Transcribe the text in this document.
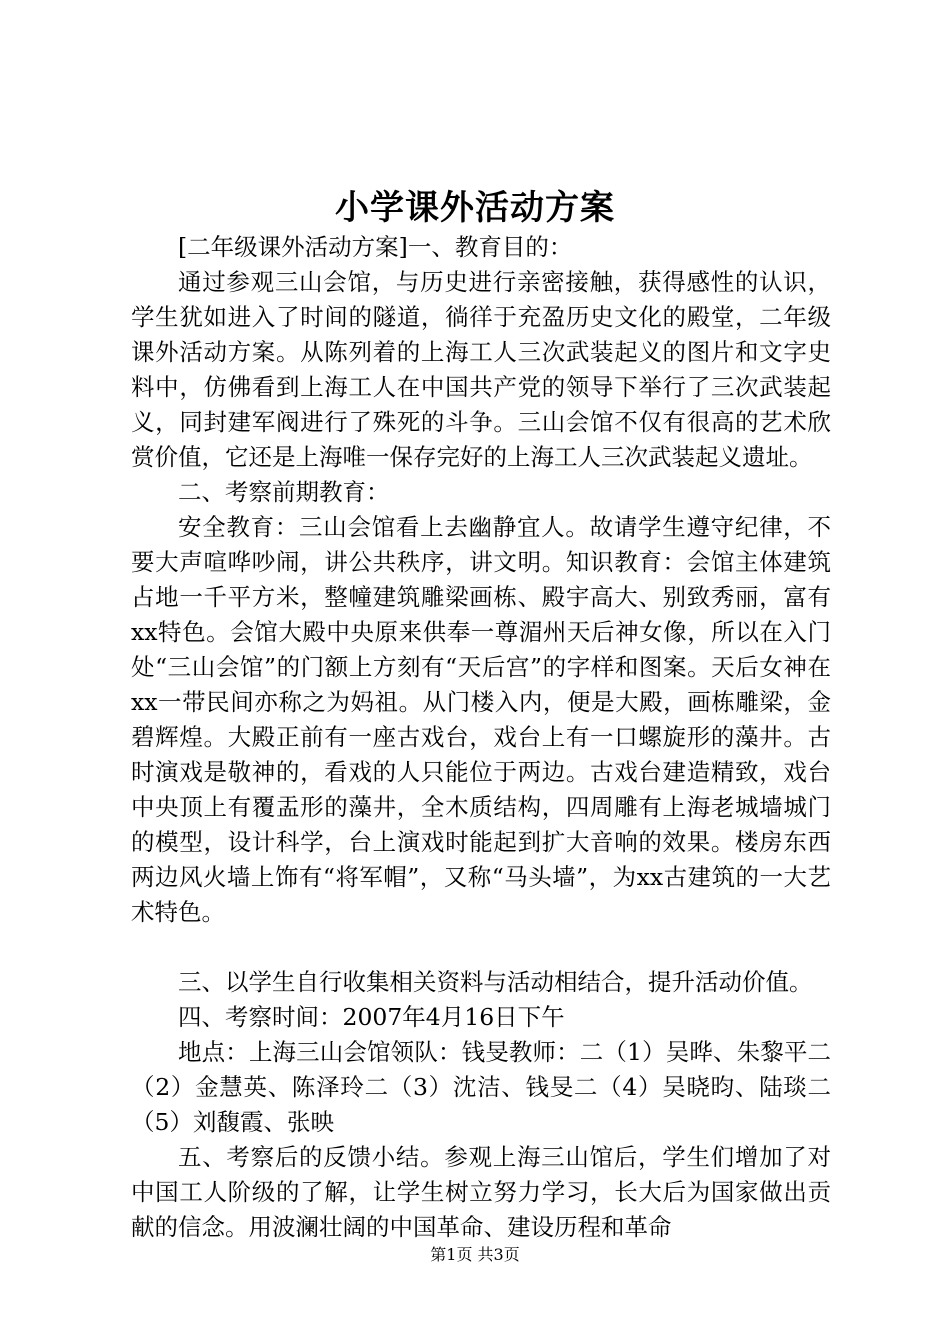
小学课外活动方案

[二年级课外活动方案]一、教育目的：

通过参观三山会馆，与历史进行亲密接触，获得感性的认识，学生犹如进入了时间的隧道，徜徉于充盈历史文化的殿堂，二年级课外活动方案。从陈列着的上海工人三次武装起义的图片和文字史料中，仿佛看到上海工人在中国共产党的领导下举行了三次武装起义，同封建军阀进行了殊死的斗争。三山会馆不仅有很高的艺术欣赏价值，它还是上海唯一保存完好的上海工人三次武装起义遗址。

二、考察前期教育：

安全教育：三山会馆看上去幽静宜人。故请学生遵守纪律，不要大声喧哗吵闹，讲公共秩序，讲文明。知识教育：会馆主体建筑占地一千平方米，整幢建筑雕梁画栋、殿宇高大、别致秀丽，富有xx特色。会馆大殿中央原来供奉一尊湄州天后神女像，所以在入门处“三山会馆”的门额上方刻有“天后宫”的字样和图案。天后女神在xx一带民间亦称之为妈祖。从门楼入内，便是大殿，画栋雕梁，金碧辉煌。大殿正前有一座古戏台，戏台上有一口螺旋形的藻井。古时演戏是敬神的，看戏的人只能位于两边。古戏台建造精致，戏台中央顶上有覆盂形的藻井，全木质结构，四周雕有上海老城墙城门的模型，设计科学，台上演戏时能起到扩大音响的效果。楼房东西两边风火墙上饰有“将军帽”，又称“马头墙”，为xx古建筑的一大艺术特色。

三、以学生自行收集相关资料与活动相结合，提升活动价值。

四、考察时间：2007年4月16日下午

地点：上海三山会馆领队：钱旻教师：二（1）吴晔、朱黎平二（2）金慧英、陈泽玲二（3）沈洁、钱旻二（4）吴晓昀、陆琰二（5）刘馥霞、张映

五、考察后的反馈小结。参观上海三山馆后，学生们增加了对中国工人阶级的了解，让学生树立努力学习，长大后为国家做出贡献的信念。用波澜壮阔的中国革命、建设历程和革命

第1页 共3页
